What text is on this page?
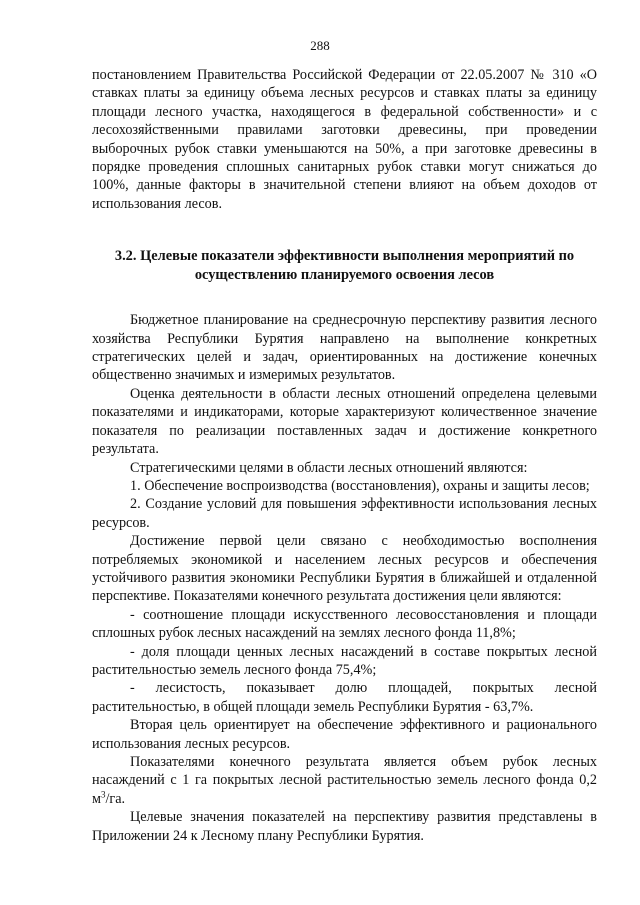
288

постановлением Правительства Российской Федерации от 22.05.2007 № 310 «О ставках платы за единицу объема лесных ресурсов и ставках платы за единицу площади лесного участка, находящегося в федеральной собственности» и с лесохозяйственными правилами заготовки древесины, при проведении выборочных рубок ставки уменьшаются на 50%, а при заготовке древесины в порядке проведения сплошных санитарных рубок ставки могут снижаться до 100%, данные факторы в значительной степени влияют на объем доходов от использования лесов.

3.2. Целевые показатели эффективности выполнения мероприятий по осуществлению планируемого освоения лесов

Бюджетное планирование на среднесрочную перспективу развития лесного хозяйства Республики Бурятия направлено на выполнение конкретных стратегических целей и задач, ориентированных на достижение конечных общественно значимых и измеримых результатов.

Оценка деятельности в области лесных отношений определена целевыми показателями и индикаторами, которые характеризуют количественное значение показателя по реализации поставленных задач и достижение конкретного результата.

Стратегическими целями в области лесных отношений являются:

1. Обеспечение воспроизводства (восстановления), охраны и защиты лесов;

2. Создание условий для повышения эффективности использования лесных ресурсов.

Достижение первой цели связано с необходимостью восполнения потребляемых экономикой и населением лесных ресурсов и обеспечения устойчивого развития экономики Республики Бурятия в ближайшей и отдаленной перспективе. Показателями конечного результата достижения цели являются:

- соотношение площади искусственного лесовосстановления и площади сплошных рубок лесных насаждений на землях лесного фонда 11,8%;

- доля площади ценных лесных насаждений в составе покрытых лесной растительностью земель лесного фонда 75,4%;

- лесистость, показывает долю площадей, покрытых лесной растительностью, в общей площади земель Республики Бурятия - 63,7%.

Вторая цель ориентирует на обеспечение эффективного и рационального использования лесных ресурсов.

Показателями конечного результата является объем рубок лесных насаждений с 1 га покрытых лесной растительностью земель лесного фонда 0,2 $м^3/га$.

Целевые значения показателей на перспективу развития представлены в Приложении 24 к Лесному плану Республики Бурятия.
